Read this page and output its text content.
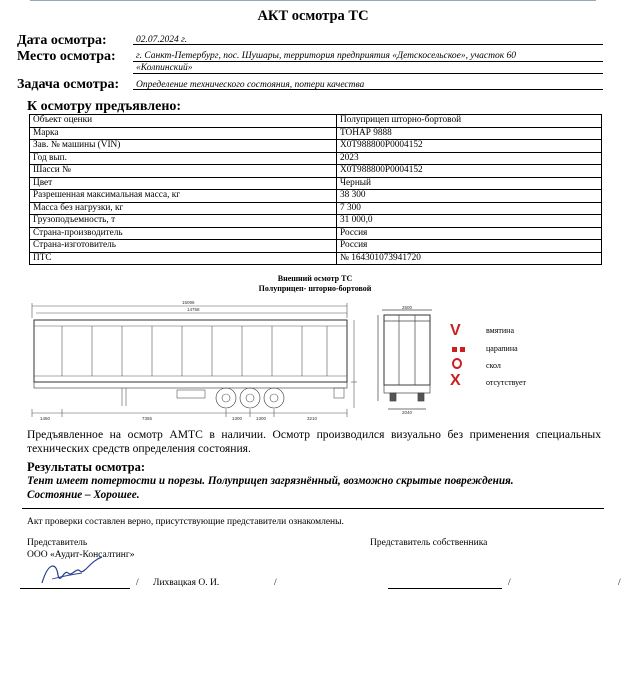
АКТ осмотра ТС
Дата осмотра:	02.07.2024 г.
Место осмотра: г. Санкт-Петербург, пос. Шушары, территория предприятия «Детскосельское», участок 60
«Колпинский»
Задача осмотра: Определение технического состояния, потери качества
К осмотру предъявлено:
Объект оценки	Полуприцеп шторно-бортовой
Марка	ТОНАР 9888
Зав. № машины (VIN)	X0T988800P0004152
Год вып.	2023
Шасси №	X0T988800P0004152
Цвет	Черный
Разрешенная максимальная масса, кг	38 300
Масса без нагрузки, кг	7 300
Грузоподъемность, т	31 000,0
Страна-производитель	Россия
Страна-изготовитель	Россия
ПТС	№ 164301073941720
Внешний осмотр ТС
Полуприцеп- шторно-бортовой
15096
14758
1460	7355	1300	1300	3210
2500
2040
V	вмятина
царапина
скол
X	отсутствует
Предъявленное на осмотр АМТС в наличии. Осмотр производился визуально без применения специальных технических средств определения состояния.
Результаты осмотра:
Тент имеет потертости и порезы. Полуприцеп загрязнённый, возможно скрытые повреждения.
Состояние – Хорошее.
Акт проверки составлен верно, присутствующие представители ознакомлены.
Представитель
ООО «Аудит-Консалтинг»
Представитель собственника
/ Лихвацкая О. И.	/	/	/
